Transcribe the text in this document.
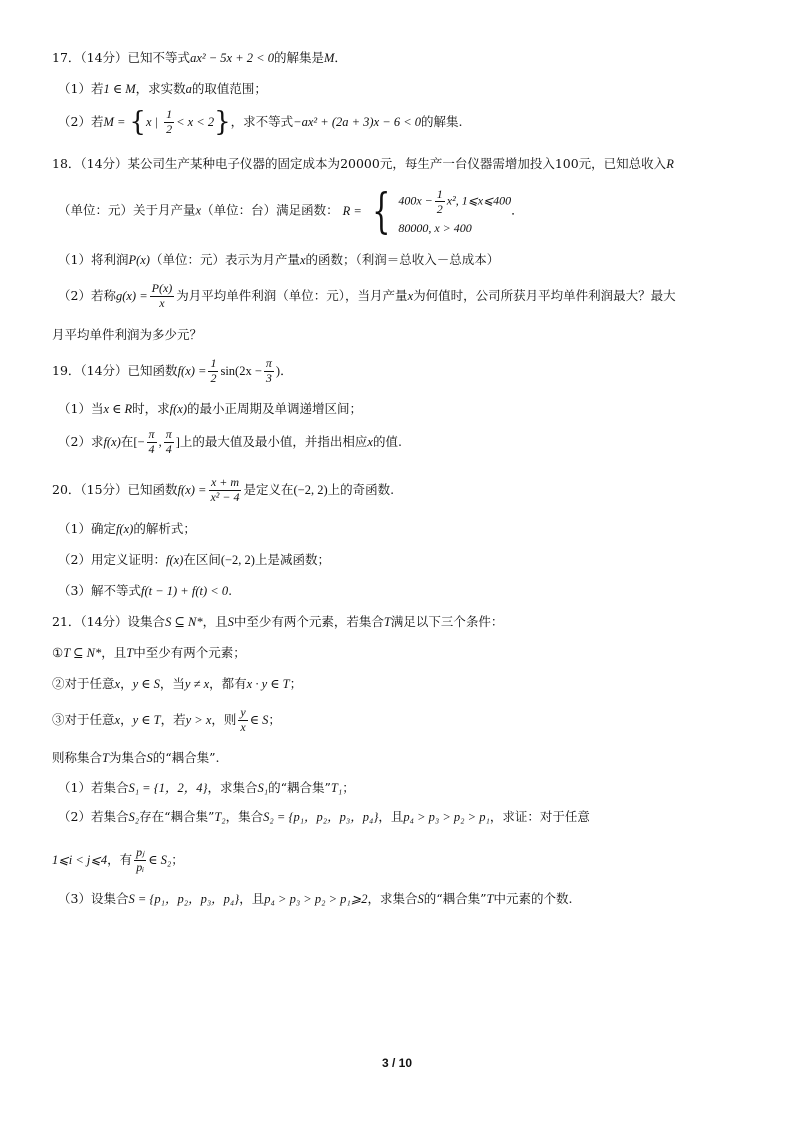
17．（14分）已知不等式ax² − 5x + 2 < 0的解集是M．
（1）若1 ∈ M，求实数a的取值范围；
（2）若M = {x | $\frac{1}{2} < x < 2$}，求不等式−ax² + (2a + 3)x − 6 < 0的解集.
18．（14分）某公司生产某种电子仪器的固定成本为20000元，每生产一台仪器需增加投入100元，已知总收入R
（单位：元）关于月产量x（单位：台）满足函数： R = { $400x - \frac{1}{2} x^2$, 1⩽x⩽400
80000, x > 400
．
（1）将利润P(x)（单位：元）表示为月产量x的函数；（利润＝总收入－总成本）
（2）若称$g(x) = \frac{P(x)}{x}$ 为月平均单件利润（单位：元），当月产量x为何值时，公司所获月平均单件利润最大？最大
月平均单件利润为多少元？
19．（14分）已知函数$f(x) = \frac{1}{2} \sin(2x - \frac{\pi}{3}$ )．
（1）当x ∈ R时，求f(x)的最小正周期及单调递增区间；
（2）求f(x)在[− $\frac{\pi}{4}$ , $\frac{\pi}{4}$ ]上的最大值及最小值，并指出相应x的值.
20．（15分）已知函数$f(x) = \frac{x + m}{\text{x² − 4}}$ 是定义在(−2, 2)上的奇函数.
（1）确定f(x)的解析式；
（2）用定义证明：f(x)在区间(−2, 2)上是减函数；
（3）解不等式f(t − 1) + f(t) < 0.
21．（14分）设集合S ⊆ N*，且S中至少有两个元素，若集合T满足以下三个条件：
①T ⊆ N*，且T中至少有两个元素；
②对于任意x，y ∈ S，当y ≠ x，都有x · y ∈ T；
③对于任意x，y ∈ T，若y > x，则 $\frac{y}{x}$ ∈ S；
则称集合T为集合S的“耦合集”.
（1）若集合S₁ = {1，2，4}，求集合S₁的“耦合集”T₁；
（2）若集合S₂存在“耦合集”T₂，集合S₂ = {p₁，p₂，p₃，p₄}，且p₄ > p₃ > p₂ > p₁，求证：对于任意
1⩽i < j⩽4，有 $\frac{\text{pⱼ}}{\text{pᵢ}}$ ∈ S₂；
（3）设集合S = {p₁，p₂，p₃，p₄}，且p₄ > p₃ > p₂ > p₁⩾2，求集合S的“耦合集”T中元素的个数.
3 / 10
